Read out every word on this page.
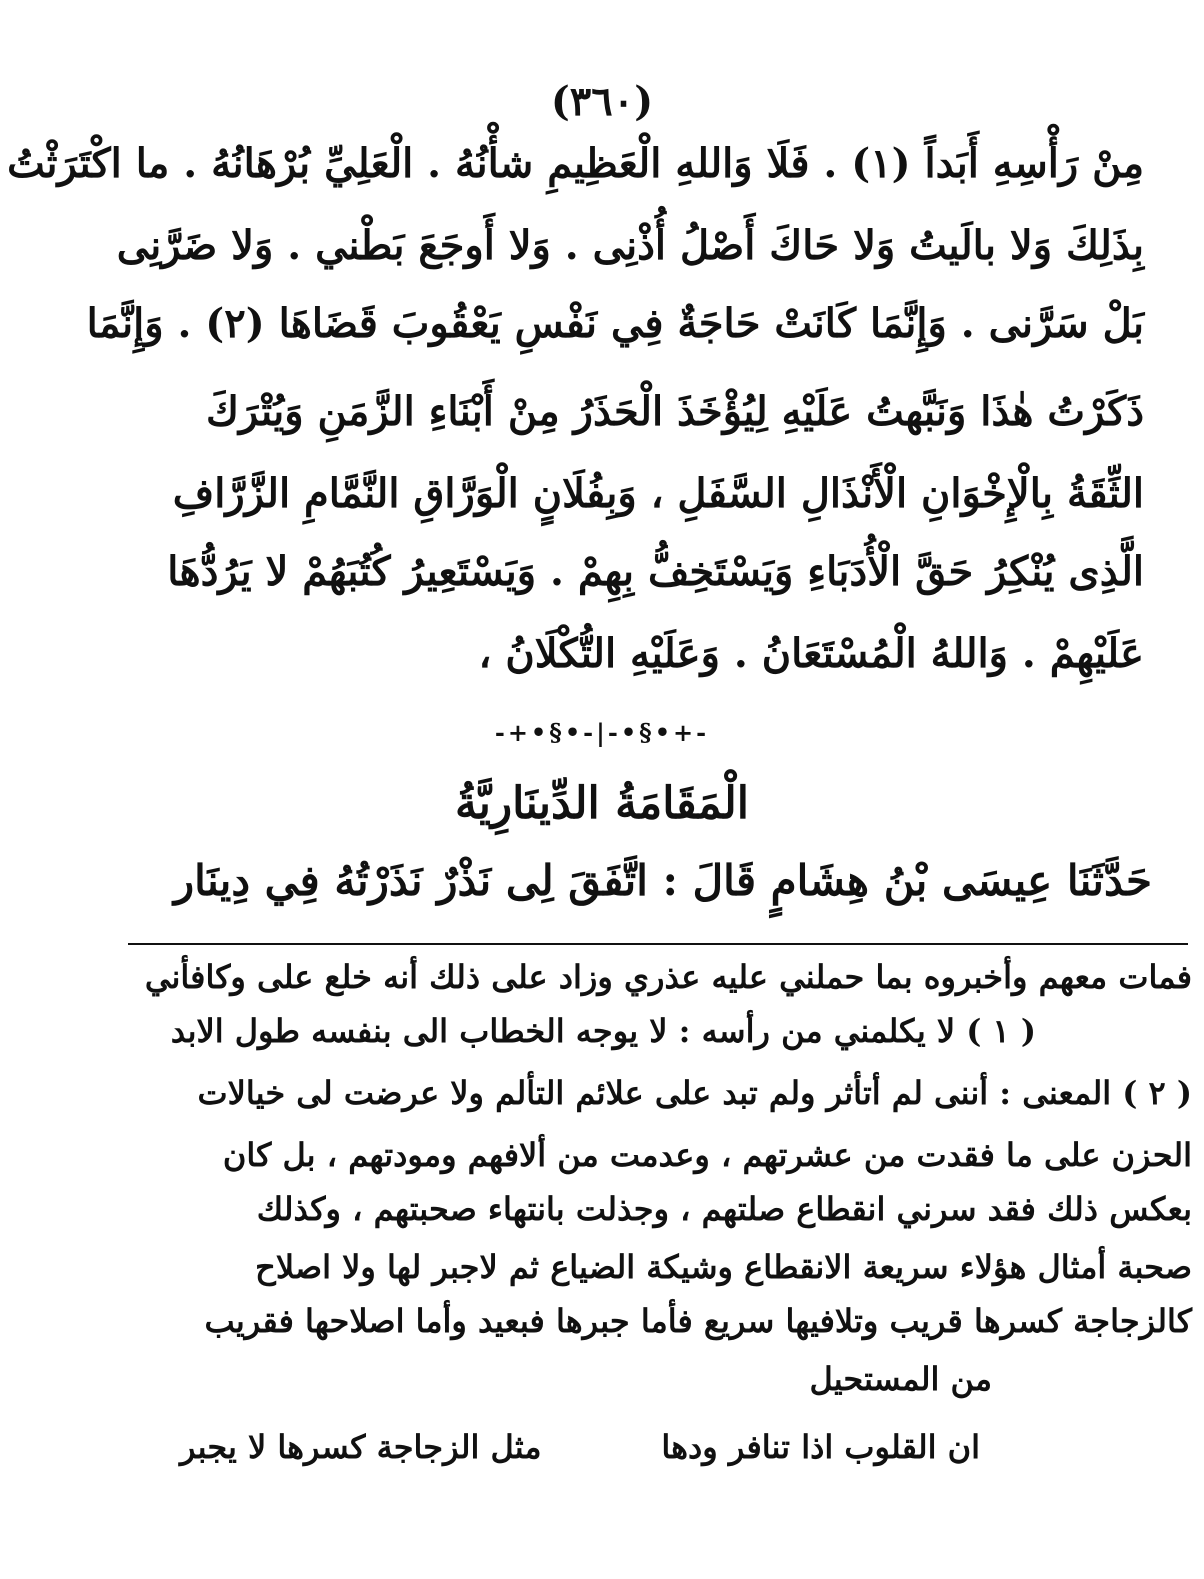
(٣٦٠)
مِنْ رَأْسِهِ أَبَداً (١) . فَلَا وَاللهِ الْعَظِيمِ شأْنُهُ . الْعَلِيِّ بُرْهَانُهُ . ما اكْتَرَثْتُ
بِذَلِكَ وَلا بالَيتُ وَلا حَاكَ أَصْلُ أُذْنِى . وَلا أَوجَعَ بَطْني . وَلا ضَرَّنِى
بَلْ سَرَّنى . وَإِنَّمَا كَانَتْ حَاجَةٌ فِي نَفْسِ يَعْقُوبَ قَضَاهَا (٢) . وَإِنَّمَا
ذَكَرْتُ هٰذَا وَنَبَّهتُ عَلَيْهِ لِيُؤْخَذَ الْحَذَرُ مِنْ أَبْنَاءِ الزَّمَنِ وَيُتْرَكَ
الثِّقَةُ بِالْإِخْوَانِ الْأَنْذَالِ السَّفَلِ ، وَبِفُلَانٍ الْوَرَّاقِ النَّمَّامِ الزَّرَّافِ
الَّذِى يُنْكِرُ حَقَّ الْأُدَبَاءِ وَيَسْتَخِفُّ بِهِمْ . وَيَسْتَعِيرُ كُتُبَهُمْ لا يَرُدُّهَا
عَلَيْهِمْ . وَاللهُ الْمُسْتَعَانُ . وَعَلَيْهِ التُّكْلَانُ ،
-+•§•-|-•§•+-
الْمَقَامَةُ الدِّينَارِيَّةُ
حَدَّثَنَا عِيسَى بْنُ هِشَامٍ قَالَ : اتَّفَقَ لِى نَذْرٌ نَذَرْتُهُ فِي دِينَار
فمات معهم وأخبروه بما حملني عليه عذري وزاد على ذلك أنه خلع على وكافأني
( ١ ) لا يكلمني من رأسه : لا يوجه الخطاب الى بنفسه طول الابد
( ٢ ) المعنى : أننى لم أتأثر ولم تبد على علائم التألم ولا عرضت لى خيالات
الحزن على ما فقدت من عشرتهم ، وعدمت من ألافهم ومودتهم ، بل كان
بعكس ذلك فقد سرني انقطاع صلتهم ، وجذلت بانتهاء صحبتهم ، وكذلك
صحبة أمثال هؤلاء سريعة الانقطاع وشيكة الضياع ثم لاجبر لها ولا اصلاح
كالزجاجة كسرها قريب وتلافيها سريع فأما جبرها فبعيد وأما اصلاحها فقريب
من المستحيل
ان القلوب اذا تنافر ودها
مثل الزجاجة كسرها لا يجبر
